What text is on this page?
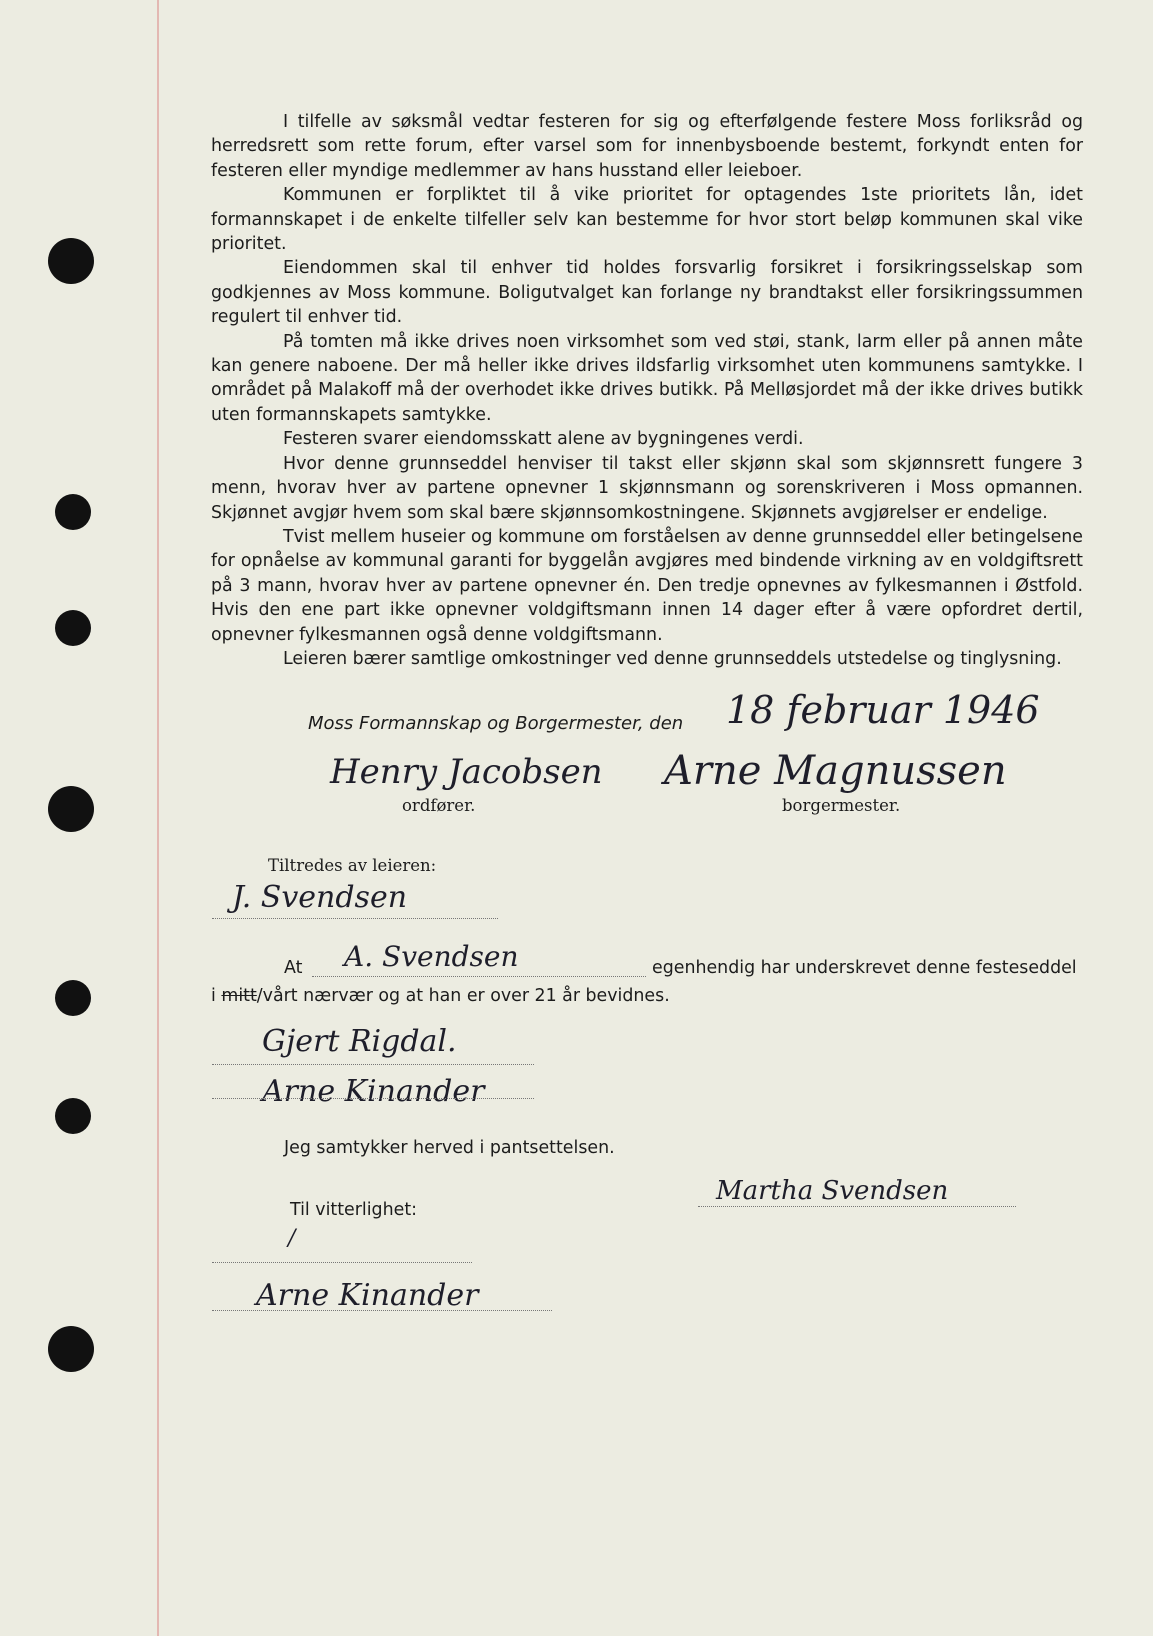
I tilfelle av søksmål vedtar festeren for sig og efterfølgende festere Moss forliksråd og herredsrett som rette forum, efter varsel som for innenbysboende bestemt, forkyndt enten for festeren eller myndige medlemmer av hans husstand eller leieboer.

Kommunen er forpliktet til å vike prioritet for optagendes 1ste prioritets lån, idet formannskapet i de enkelte tilfeller selv kan bestemme for hvor stort beløp kommunen skal vike prioritet.

Eiendommen skal til enhver tid holdes forsvarlig forsikret i forsikringsselskap som godkjennes av Moss kommune. Boligutvalget kan forlange ny brandtakst eller forsikringssummen regulert til enhver tid.

På tomten må ikke drives noen virksomhet som ved støi, stank, larm eller på annen måte kan genere naboene. Der må heller ikke drives ildsfarlig virksomhet uten kommunens samtykke. I området på Malakoff må der overhodet ikke drives butikk. På Melløsjordet må der ikke drives butikk uten formannskapets samtykke.

Festeren svarer eiendomsskatt alene av bygningenes verdi.

Hvor denne grunnseddel henviser til takst eller skjønn skal som skjønnsrett fungere 3 menn, hvorav hver av partene opnevner 1 skjønnsmann og sorenskriveren i Moss opmannen. Skjønnet avgjør hvem som skal bære skjønnsomkostningene. Skjønnets avgjørelser er endelige.

Tvist mellem huseier og kommune om forståelsen av denne grunnseddel eller betingelsene for opnåelse av kommunal garanti for byggelån avgjøres med bindende virkning av en voldgiftsrett på 3 mann, hvorav hver av partene opnevner én. Den tredje opnevnes av fylkesmannen i Østfold. Hvis den ene part ikke opnevner voldgiftsmann innen 14 dager efter å være opfordret dertil, opnevner fylkesmannen også denne voldgiftsmann.

Leieren bærer samtlige omkostninger ved denne grunnseddels utstedelse og tinglysning.

Moss Formannskap og Borgermester, den 18 februar 1946
Henry Jacobsen
ordfører.
Arne Magnussen
borgermester.
Tiltredes av leieren:
J. Svendsen
At A. Svendsen	egenhendig har underskrevet denne festeseddel
i mitt/vårt nærvær og at han er over 21 år bevidnes.
Gjert Rigdal.
Arne Kinander
Jeg samtykker herved i pantsettelsen.
Martha Svendsen
Til vitterlighet:
/
Arne Kinander
